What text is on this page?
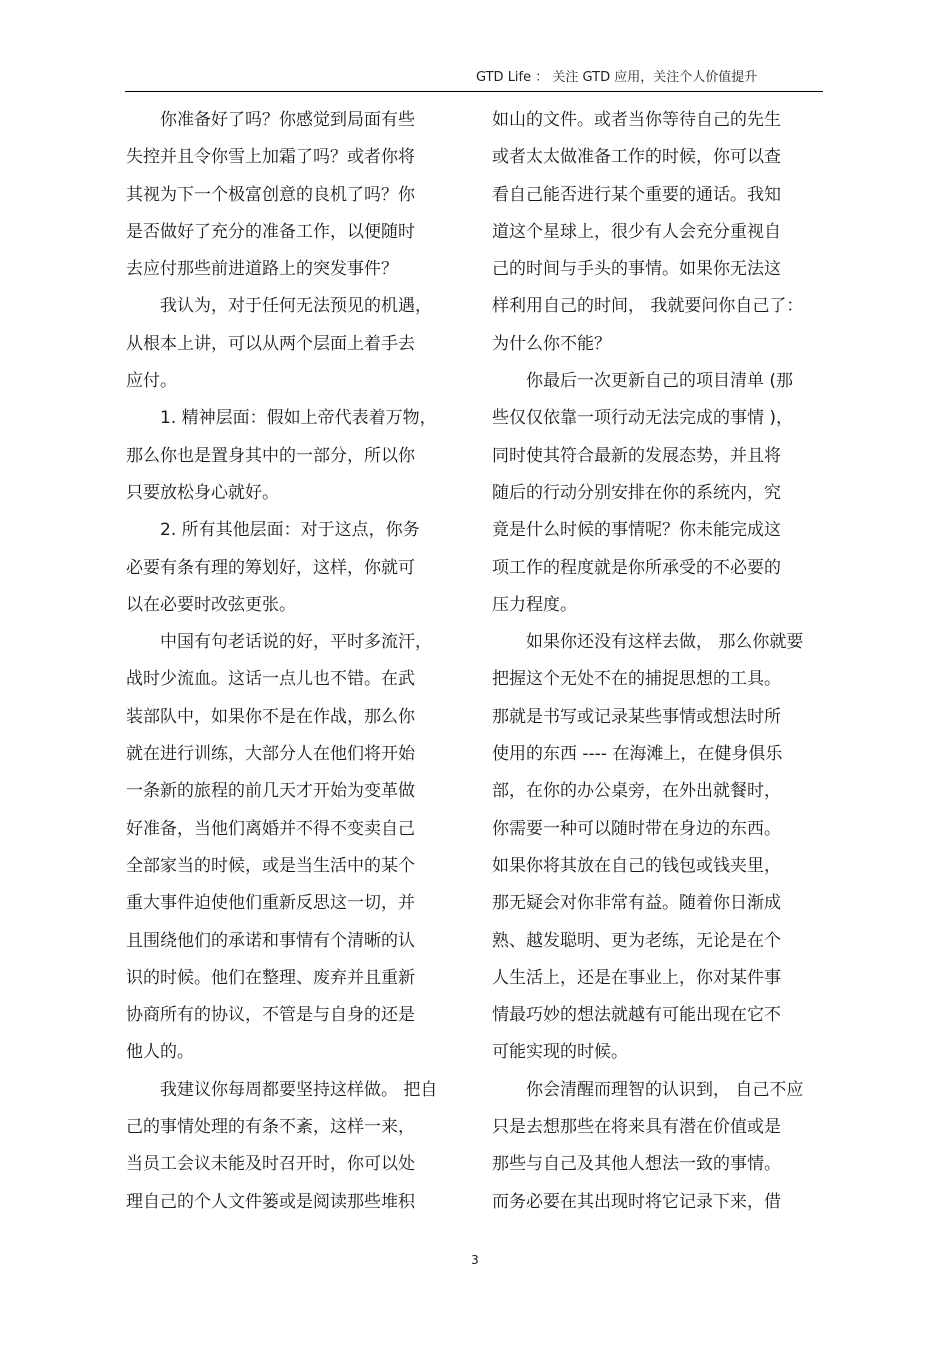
GTD Life ： 关注 GTD 应用，关注个人价值提升
你准备好了吗？你感觉到局面有些
失控并且令你雪上加霜了吗？或者你将
其视为下一个极富创意的良机了吗？你
是否做好了充分的准备工作，以便随时
去应付那些前进道路上的突发事件？
我认为，对于任何无法预见的机遇，
从根本上讲，可以从两个层面上着手去
应付。
1. 精神层面：假如上帝代表着万物，
那么你也是置身其中的一部分，所以你
只要放松身心就好。
2. 所有其他层面：对于这点，你务
必要有条有理的筹划好，这样，你就可
以在必要时改弦更张。
中国有句老话说的好，平时多流汗，
战时少流血。这话一点儿也不错。在武
装部队中，如果你不是在作战，那么你
就在进行训练，大部分人在他们将开始
一条新的旅程的前几天才开始为变革做
好准备，当他们离婚并不得不变卖自己
全部家当的时候，或是当生活中的某个
重大事件迫使他们重新反思这一切，并
且围绕他们的承诺和事情有个清晰的认
识的时候。他们在整理、废弃并且重新
协商所有的协议，不管是与自身的还是
他人的。
我建议你每周都要坚持这样做。 把自
己的事情处理的有条不紊，这样一来，
当员工会议未能及时召开时，你可以处
理自己的个人文件篓或是阅读那些堆积
如山的文件。或者当你等待自己的先生
或者太太做准备工作的时候，你可以查
看自己能否进行某个重要的通话。我知
道这个星球上，很少有人会充分重视自
己的时间与手头的事情。如果你无法这
样利用自己的时间， 我就要问你自己了：
为什么你不能？
你最后一次更新自己的项目清单 (那
些仅仅依靠一项行动无法完成的事情 )，
同时使其符合最新的发展态势，并且将
随后的行动分别安排在你的系统内，究
竟是什么时候的事情呢？你未能完成这
项工作的程度就是你所承受的不必要的
压力程度。
如果你还没有这样去做， 那么你就要
把握这个无处不在的捕捉思想的工具。
那就是书写或记录某些事情或想法时所
使用的东西 ---- 在海滩上，在健身俱乐
部，在你的办公桌旁，在外出就餐时，
你需要一种可以随时带在身边的东西。
如果你将其放在自己的钱包或钱夹里，
那无疑会对你非常有益。随着你日渐成
熟、越发聪明、更为老练，无论是在个
人生活上，还是在事业上，你对某件事
情最巧妙的想法就越有可能出现在它不
可能实现的时候。
你会清醒而理智的认识到， 自己不应
只是去想那些在将来具有潜在价值或是
那些与自己及其他人想法一致的事情。
而务必要在其出现时将它记录下来，借
3
